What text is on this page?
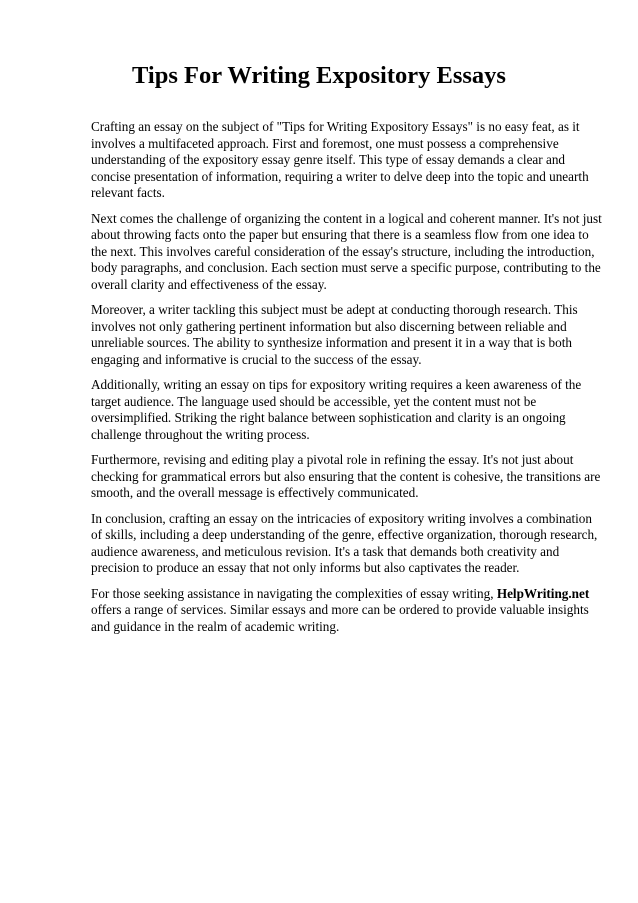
Tips For Writing Expository Essays

Crafting an essay on the subject of "Tips for Writing Expository Essays" is no easy feat, as it
involves a multifaceted approach. First and foremost, one must possess a comprehensive
understanding of the expository essay genre itself. This type of essay demands a clear and
concise presentation of information, requiring a writer to delve deep into the topic and unearth
relevant facts.

Next comes the challenge of organizing the content in a logical and coherent manner. It's not just
about throwing facts onto the paper but ensuring that there is a seamless flow from one idea to
the next. This involves careful consideration of the essay's structure, including the introduction,
body paragraphs, and conclusion. Each section must serve a specific purpose, contributing to the
overall clarity and effectiveness of the essay.

Moreover, a writer tackling this subject must be adept at conducting thorough research. This
involves not only gathering pertinent information but also discerning between reliable and
unreliable sources. The ability to synthesize information and present it in a way that is both
engaging and informative is crucial to the success of the essay.

Additionally, writing an essay on tips for expository writing requires a keen awareness of the
target audience. The language used should be accessible, yet the content must not be
oversimplified. Striking the right balance between sophistication and clarity is an ongoing
challenge throughout the writing process.

Furthermore, revising and editing play a pivotal role in refining the essay. It's not just about
checking for grammatical errors but also ensuring that the content is cohesive, the transitions are
smooth, and the overall message is effectively communicated.

In conclusion, crafting an essay on the intricacies of expository writing involves a combination
of skills, including a deep understanding of the genre, effective organization, thorough research,
audience awareness, and meticulous revision. It's a task that demands both creativity and
precision to produce an essay that not only informs but also captivates the reader.

For those seeking assistance in navigating the complexities of essay writing, HelpWriting.net
offers a range of services. Similar essays and more can be ordered to provide valuable insights
and guidance in the realm of academic writing.
